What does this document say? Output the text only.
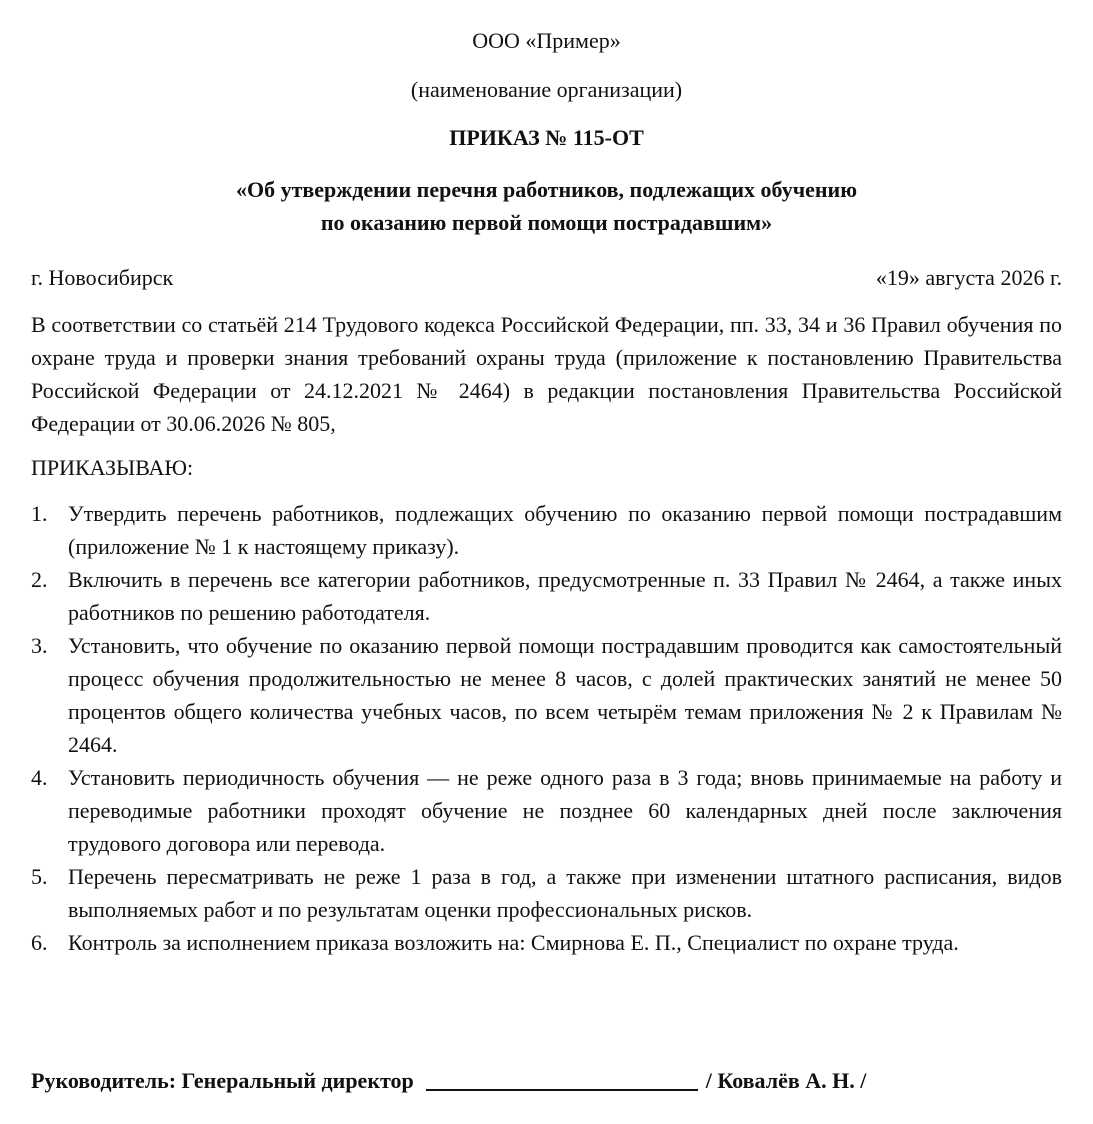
ООО «Пример»
(наименование организации)
ПРИКАЗ № 115-ОТ
«Об утверждении перечня работников, подлежащих обучению
по оказанию первой помощи пострадавшим»
г. Новосибирск	«19» августа 2026 г.
В соответствии со статьёй 214 Трудового кодекса Российской Федерации, пп. 33, 34 и 36 Правил обучения по охране труда и проверки знания требований охраны труда (приложение к постановлению Правительства Российской Федерации от 24.12.2021 № 2464) в редакции постановления Правительства Российской Федерации от 30.06.2026 № 805,
ПРИКАЗЫВАЮ:
1. Утвердить перечень работников, подлежащих обучению по оказанию первой помощи пострадавшим (приложение № 1 к настоящему приказу).
2. Включить в перечень все категории работников, предусмотренные п. 33 Правил № 2464, а также иных работников по решению работодателя.
3. Установить, что обучение по оказанию первой помощи пострадавшим проводится как самостоятельный процесс обучения продолжительностью не менее 8 часов, с долей практических занятий не менее 50 процентов общего количества учебных часов, по всем четырём темам приложения № 2 к Правилам № 2464.
4. Установить периодичность обучения — не реже одного раза в 3 года; вновь принимаемые на работу и переводимые работники проходят обучение не позднее 60 календарных дней после заключения трудового договора или перевода.
5. Перечень пересматривать не реже 1 раза в год, а также при изменении штатного расписания, видов выполняемых работ и по результатам оценки профессиональных рисков.
6. Контроль за исполнением приказа возложить на: Смирнова Е. П., Специалист по охране труда.
Руководитель: Генеральный директор	/ Ковалёв А. Н. /
